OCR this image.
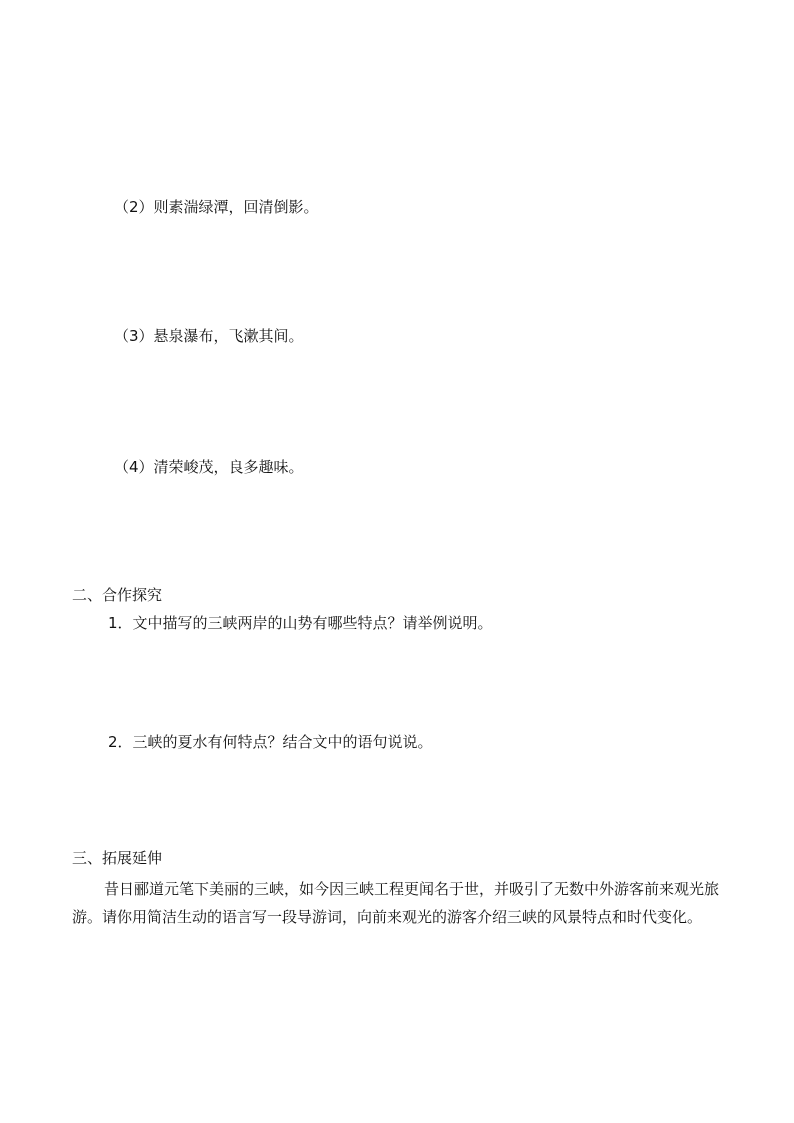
（2）则素湍绿潭，回清倒影。
（3）悬泉瀑布，飞漱其间。
（4）清荣峻茂，良多趣味。
二、合作探究
1．文中描写的三峡两岸的山势有哪些特点？请举例说明。
2．三峡的夏水有何特点？结合文中的语句说说。
三、拓展延伸
昔日郦道元笔下美丽的三峡，如今因三峡工程更闻名于世，并吸引了无数中外游客前来观光旅游。请你用简洁生动的语言写一段导游词，向前来观光的游客介绍三峡的风景特点和时代变化。
